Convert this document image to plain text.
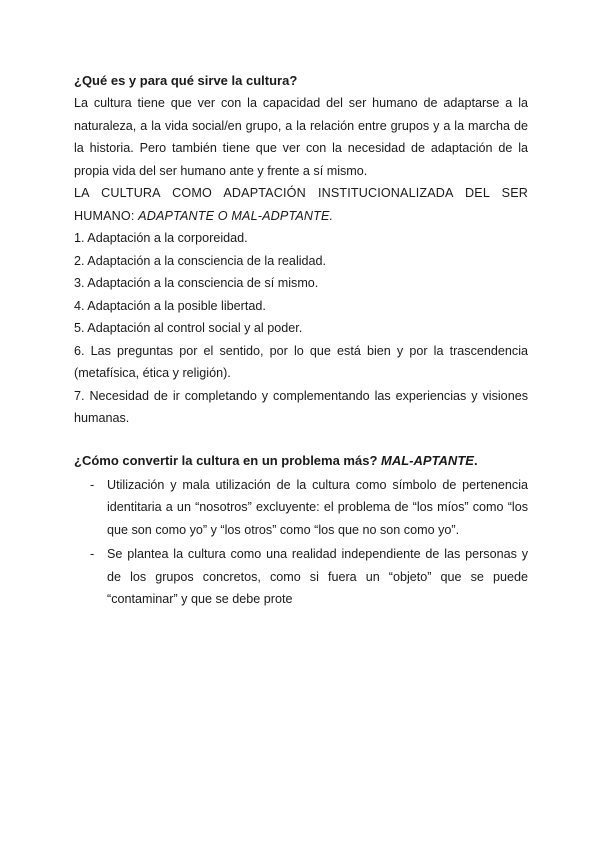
¿Qué es y para qué sirve la cultura?

La cultura tiene que ver con la capacidad del ser humano de adaptarse a la naturaleza, a la vida social/en grupo, a la relación entre grupos y a la marcha de la historia. Pero también tiene que ver con la necesidad de adaptación de la propia vida del ser humano ante y frente a sí mismo.

LA CULTURA COMO ADAPTACIÓN INSTITUCIONALIZADA DEL SER HUMANO: ADAPTANTE O MAL-ADPTANTE.

1. Adaptación a la corporeidad.

2. Adaptación a la consciencia de la realidad.

3. Adaptación a la consciencia de sí mismo.

4. Adaptación a la posible libertad.

5. Adaptación al control social y al poder.

6. Las preguntas por el sentido, por lo que está bien y por la trascendencia (metafísica, ética y religión).

7. Necesidad de ir completando y complementando las experiencias y visiones humanas.

¿Cómo convertir la cultura en un problema más? MAL-APTANTE.

- Utilización y mala utilización de la cultura como símbolo de pertenencia identitaria a un “nosotros” excluyente: el problema de “los míos” como “los que son como yo” y “los otros” como “los que no son como yo”.
- Se plantea la cultura como una realidad independiente de las personas y de los grupos concretos, como si fuera un “objeto” que se puede “contaminar” y que se debe prote
